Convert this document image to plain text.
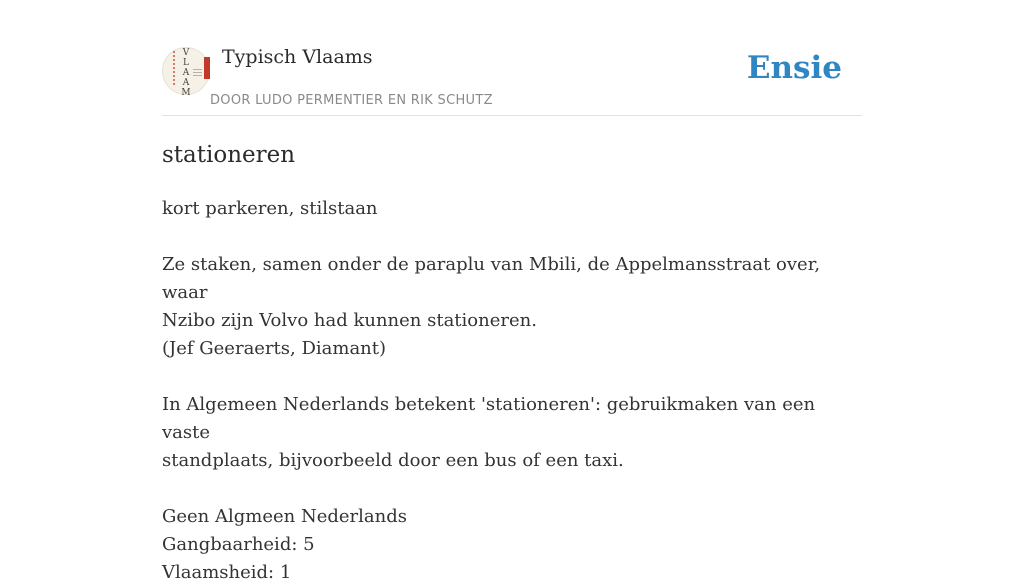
V
L
A
A
M
Typisch Vlaams
DOOR LUDO PERMENTIER EN RIK SCHUTZ
Ensie
stationeren

kort parkeren, stilstaan

Ze staken, samen onder de paraplu van Mbili, de Appelmansstraat over, waar

Nzibo zijn Volvo had kunnen stationeren.

(Jef Geeraerts, Diamant)

In Algemeen Nederlands betekent 'stationeren': gebruikmaken van een vaste

standplaats, bijvoorbeeld door een bus of een taxi.

Geen Algmeen Nederlands

Gangbaarheid: 5

Vlaamsheid: 1
